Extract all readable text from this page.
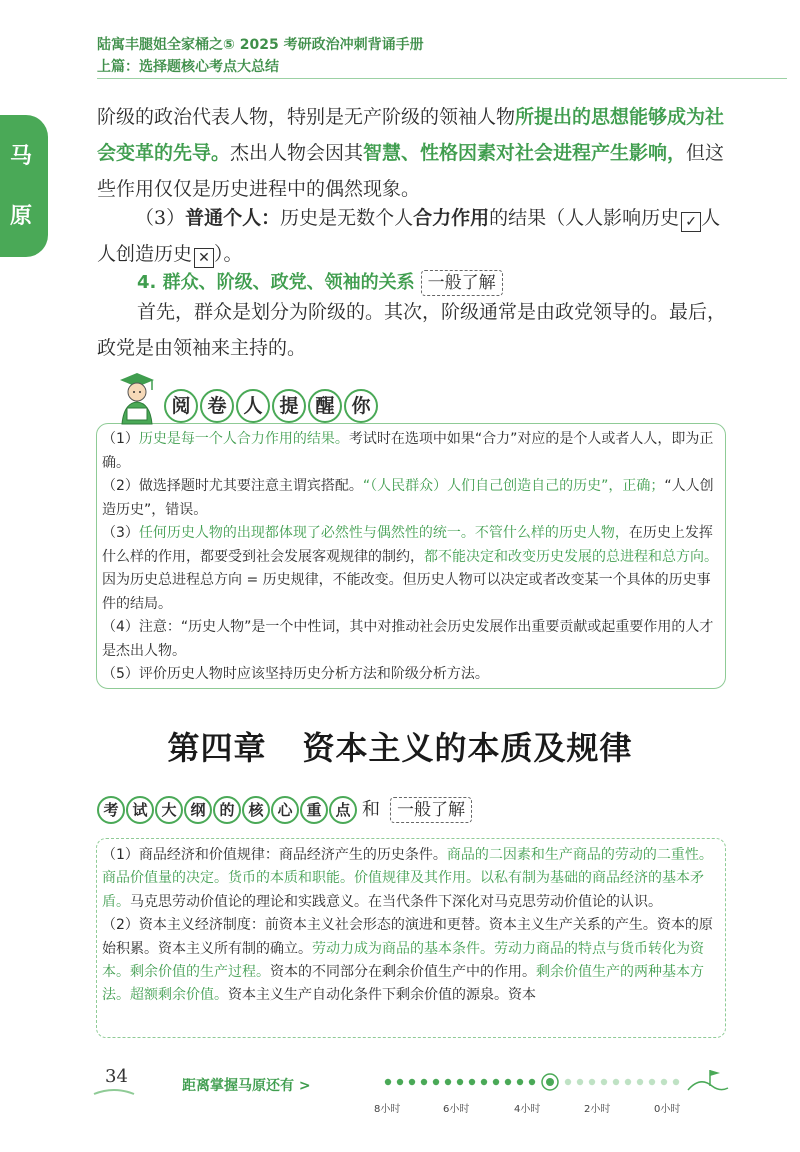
陆寓丰腿姐全家桶之⑤ 2025 考研政治冲刺背诵手册
上篇：选择题核心考点大总结
马
原
阶级的政治代表人物，特别是无产阶级的领袖人物所提出的思想能够成为社会变革的先导。杰出人物会因其智慧、性格因素对社会进程产生影响，但这些作用仅仅是历史进程中的偶然现象。
（3）普通个人：历史是无数个人合力作用的结果（人人影响历史 ✓ 人人创造历史 ✕ ）。
4. 群众、阶级、政党、领袖的关系 一般了解
首先，群众是划分为阶级的。其次，阶级通常是由政党领导的。最后，政党是由领袖来主持的。
阅 卷 人 提 醒 你

（1）历史是每一个人合力作用的结果。考试时在选项中如果“合力”对应的是个人或者人人，即为正确。

（2）做选择题时尤其要注意主谓宾搭配。“（人民群众）人们自己创造自己的历史”，正确；“人人创造历史”，错误。

（3）任何历史人物的出现都体现了必然性与偶然性的统一。不管什么样的历史人物，在历史上发挥什么样的作用，都要受到社会发展客观规律的制约，都不能决定和改变历史发展的总进程和总方向。因为历史总进程总方向 = 历史规律，不能改变。但历史人物可以决定或者改变某一个具体的历史事件的结局。

（4）注意：“历史人物”是一个中性词，其中对推动社会历史发展作出重要贡献或起重要作用的人才是杰出人物。

（5）评价历史人物时应该坚持历史分析方法和阶级分析方法。

第四章 资本主义的本质及规律
考 试 大 纲 的 核 心 重 点 和 一般了解

（1）商品经济和价值规律：商品经济产生的历史条件。商品的二因素和生产商品的劳动的二重性。商品价值量的决定。货币的本质和职能。价值规律及其作用。以私有制为基础的商品经济的基本矛盾。马克思劳动价值论的理论和实践意义。在当代条件下深化对马克思劳动价值论的认识。

（2）资本主义经济制度：前资本主义社会形态的演进和更替。资本主义生产关系的产生。资本的原始积累。资本主义所有制的确立。劳动力成为商品的基本条件。劳动力商品的特点与货币转化为资本。剩余价值的生产过程。资本的不同部分在剩余价值生产中的作用。剩余价值生产的两种基本方法。超额剩余价值。资本主义生产自动化条件下剩余价值的源泉。资本

34	距离掌握马原还有 >
8小时	6小时	4小时	2小时	0小时
